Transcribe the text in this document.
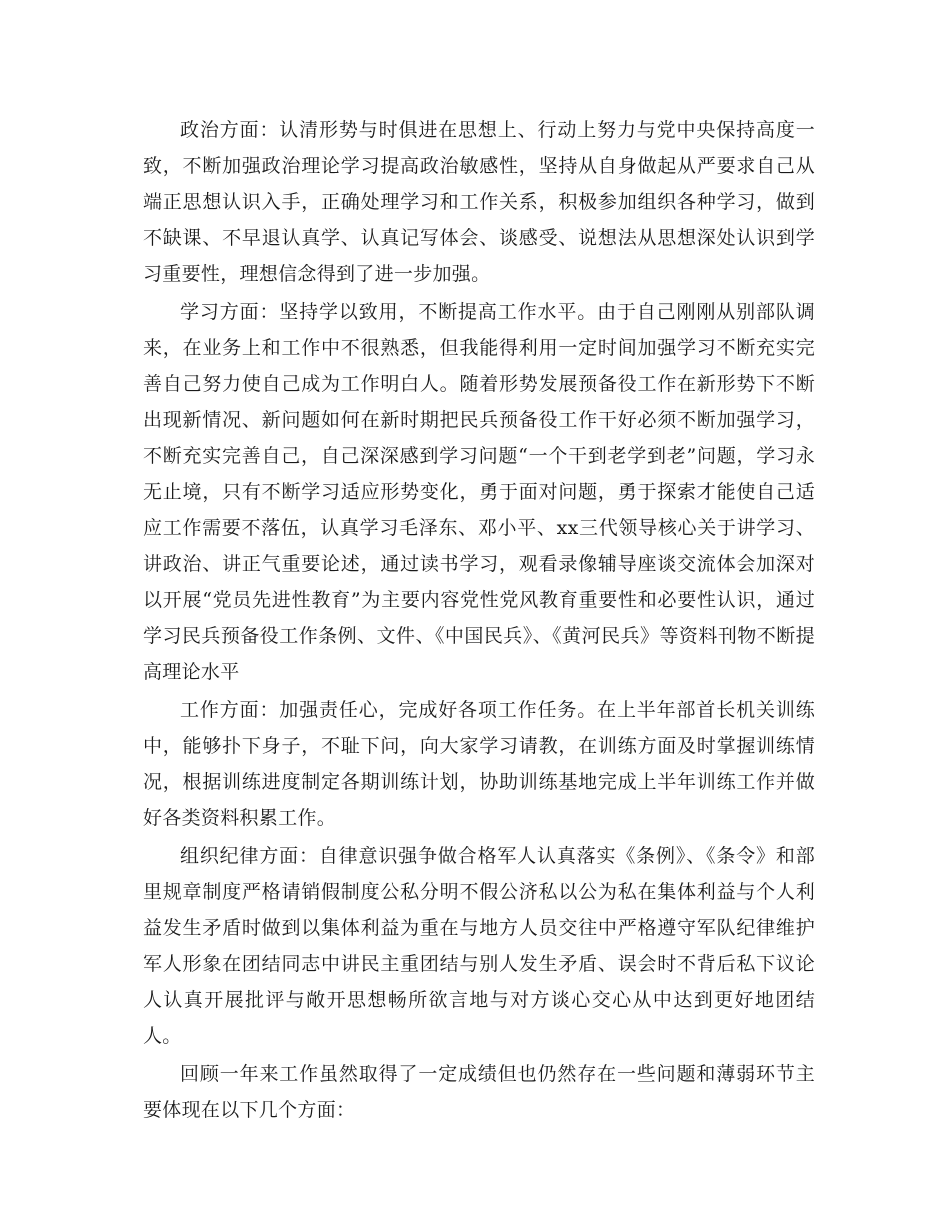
政治方面：认清形势与时俱进在思想上、行动上努力与党中央保持高度一致，不断加强政治理论学习提高政治敏感性，坚持从自身做起从严要求自己从端正思想认识入手，正确处理学习和工作关系，积极参加组织各种学习，做到不缺课、不早退认真学、认真记写体会、谈感受、说想法从思想深处认识到学习重要性，理想信念得到了进一步加强。

学习方面：坚持学以致用，不断提高工作水平。由于自己刚刚从别部队调来，在业务上和工作中不很熟悉，但我能得利用一定时间加强学习不断充实完善自己努力使自己成为工作明白人。随着形势发展预备役工作在新形势下不断出现新情况、新问题如何在新时期把民兵预备役工作干好必须不断加强学习，不断充实完善自己，自己深深感到学习问题“一个干到老学到老”问题，学习永无止境，只有不断学习适应形势变化，勇于面对问题，勇于探索才能使自己适应工作需要不落伍，认真学习毛泽东、邓小平、xx三代领导核心关于讲学习、讲政治、讲正气重要论述，通过读书学习，观看录像辅导座谈交流体会加深对以开展“党员先进性教育”为主要内容党性党风教育重要性和必要性认识，通过学习民兵预备役工作条例、文件、《中国民兵》、《黄河民兵》等资料刊物不断提高理论水平

工作方面：加强责任心，完成好各项工作任务。在上半年部首长机关训练中，能够扑下身子，不耻下问，向大家学习请教，在训练方面及时掌握训练情况，根据训练进度制定各期训练计划，协助训练基地完成上半年训练工作并做好各类资料积累工作。

组织纪律方面：自律意识强争做合格军人认真落实《条例》、《条令》和部里规章制度严格请销假制度公私分明不假公济私以公为私在集体利益与个人利益发生矛盾时做到以集体利益为重在与地方人员交往中严格遵守军队纪律维护军人形象在团结同志中讲民主重团结与别人发生矛盾、误会时不背后私下议论人认真开展批评与敞开思想畅所欲言地与对方谈心交心从中达到更好地团结人。

回顾一年来工作虽然取得了一定成绩但也仍然存在一些问题和薄弱环节主要体现在以下几个方面：
